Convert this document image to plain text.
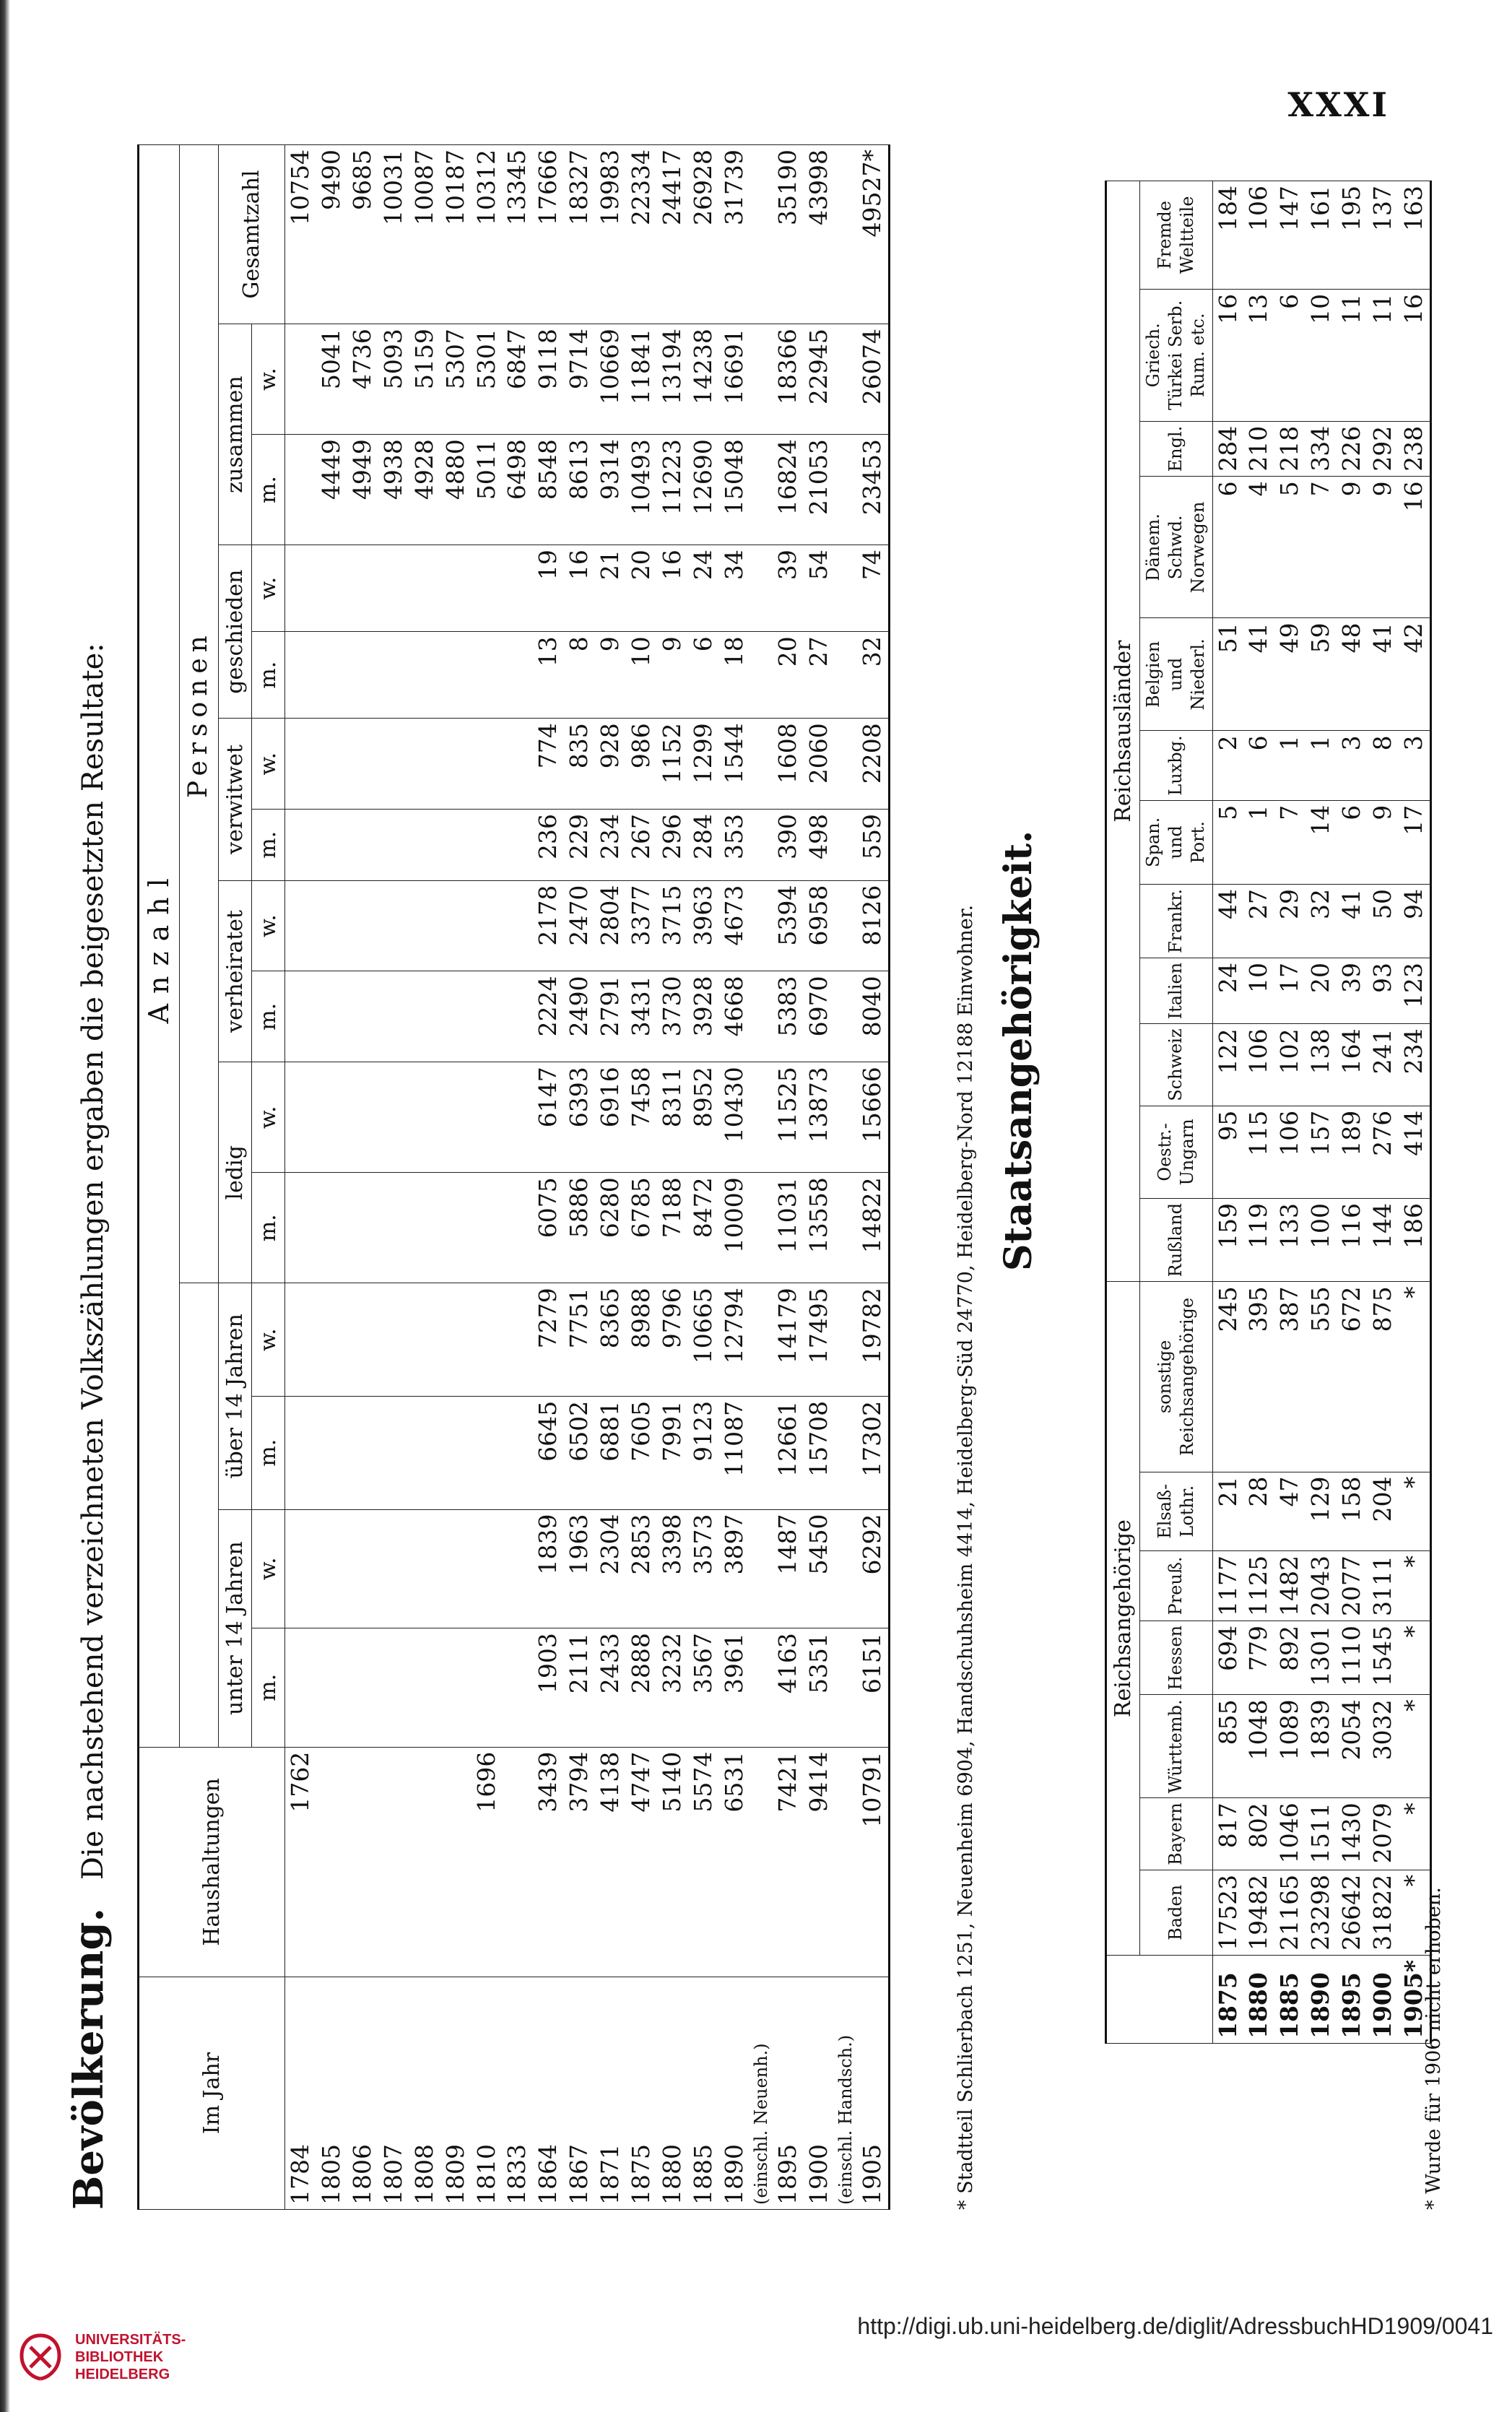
XXXI
Bevölkerung. Die nachstehend verzeichneten Volkszählungen ergaben die beigesetzten Resultate:
Im Jahr	Haushaltungen	Anzahl														
						Personen										
		unter 14 Jahren		über 14 Jahren		ledig		verheiratet		verwitwet		geschieden		zusammen		Gesamtzahl
		m.	w.	m.	w.	m.	w.	m.	w.	m.	w.	m.	w.	m.	w.	
1784	1762															10754
1805														4449	5041	9490
1806														4949	4736	9685
1807														4938	5093	10031
1808														4928	5159	10087
1809														4880	5307	10187
1810	1696													5011	5301	10312
1833														6498	6847	13345
1864	3439	1903	1839	6645	7279	6075	6147	2224	2178	236	774	13	19	8548	9118	17666
1867	3794	2111	1963	6502	7751	5886	6393	2490	2470	229	835	8	16	8613	9714	18327
1871	4138	2433	2304	6881	8365	6280	6916	2791	2804	234	928	9	21	9314	10669	19983
1875	4747	2888	2853	7605	8988	6785	7458	3431	3377	267	986	10	20	10493	11841	22334
1880	5140	3232	3398	7991	9796	7188	8311	3730	3715	296	1152	9	16	11223	13194	24417
1885	5574	3567	3573	9123	10665	8472	8952	3928	3963	284	1299	6	24	12690	14238	26928
1890	6531	3961	3897	11087	12794	10009	10430	4668	4673	353	1544	18	34	15048	16691	31739
(einschl. Neuenh.)																
1895	7421	4163	1487	12661	14179	11031	11525	5383	5394	390	1608	20	39	16824	18366	35190
1900	9414	5351	5450	15708	17495	13558	13873	6970	6958	498	2060	27	54	21053	22945	43998
(einschl. Handsch.)																
1905	10791	6151	6292	17302	19782	14822	15666	8040	8126	559	2208	32	74	23453	26074	49527*
* Stadtteil Schlierbach 1251, Neuenheim 6904, Handschuhsheim 4414, Heidelberg-Süd 24770, Heidelberg-Nord 12188 Einwohner. Staatsangehörigkeit.
	Reichsangehörige							Reichsausländer											
	Baden	Bayern	Württemb.	Hessen	Preuß.	Elsaß-Lothr.	sonstige Reichsangehörige	Rußland	Oestr.-Ungarn	Schweiz	Italien	Frankr.	Span. und Port.	Luxbg.	Belgien und Niederl.	Dänem. Schwd. Norwegen	Engl.	Griech. Türkei Serb. Rum. etc.	Fremde Weltteile
1875	17523	817	855	694	1177	21	245	159	95	122	24	44	5	2	51	6	284	16	184
1880	19482	802	1048	779	1125	28	395	119	115	106	10	27	1	6	41	4	210	13	106
1885	21165	1046	1089	892	1482	47	387	133	106	102	17	29	7	1	49	5	218	6	147
1890	23298	1511	1839	1301	2043	129	555	100	157	138	20	32	14	1	59	7	334	10	161
1895	26642	1430	2054	1110	2077	158	672	116	189	164	39	41	6	3	48	9	226	11	195
1900	31822	2079	3032	1545	3111	204	875	144	276	241	93	50	9	8	41	9	292	11	137
1905*	*	*	*	*	*	*	*	186	414	234	123	94	17	3	42	16	238	16	163
* Wurde für 1906 nicht erhoben.
UNIVERSITÄTS-
BIBLIOTHEK
HEIDELBERG
http://digi.ub.uni-heidelberg.de/diglit/AdressbuchHD1909/0041
